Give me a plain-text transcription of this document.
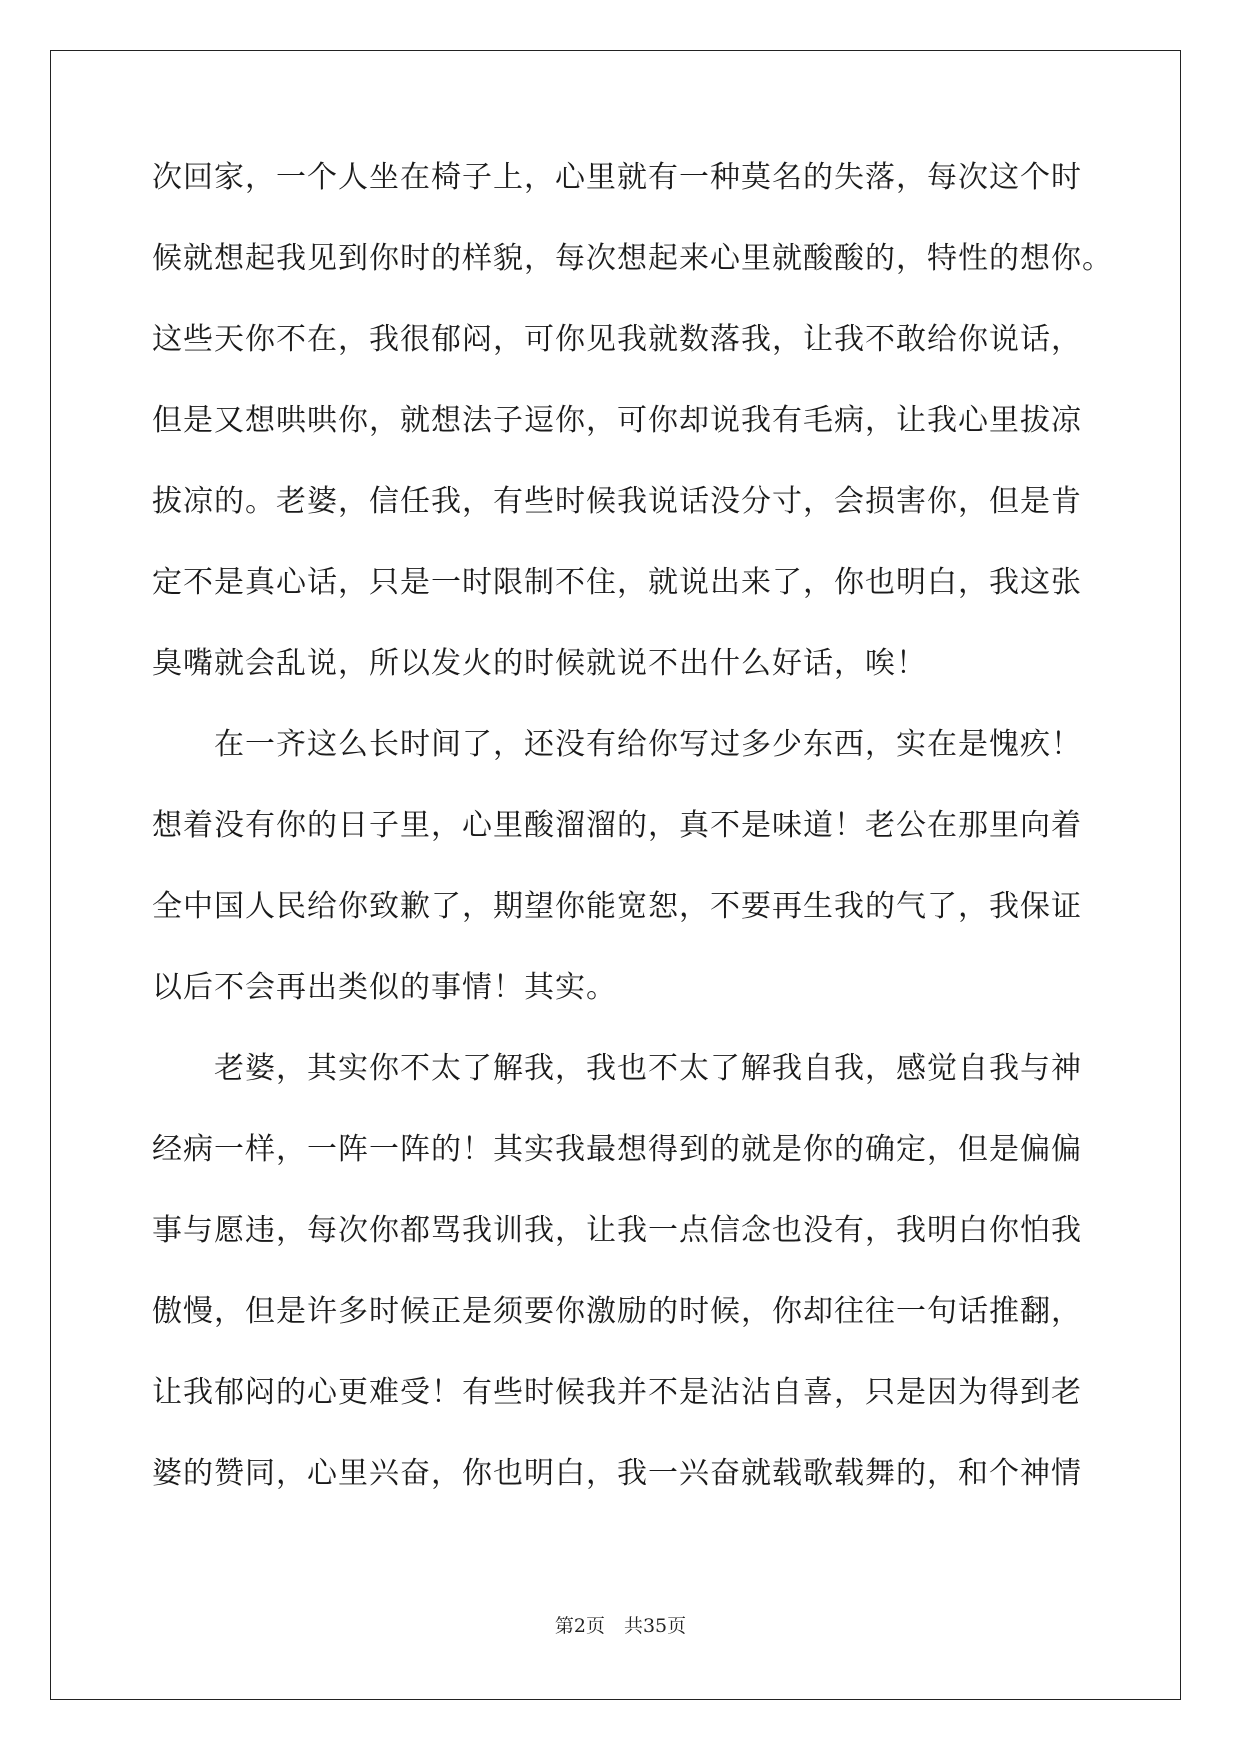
次回家，一个人坐在椅子上，心里就有一种莫名的失落，每次这个时
候就想起我见到你时的样貌，每次想起来心里就酸酸的，特性的想你。
这些天你不在，我很郁闷，可你见我就数落我，让我不敢给你说话，
但是又想哄哄你，就想法子逗你，可你却说我有毛病，让我心里拔凉
拔凉的。老婆，信任我，有些时候我说话没分寸，会损害你，但是肯
定不是真心话，只是一时限制不住，就说出来了，你也明白，我这张
臭嘴就会乱说，所以发火的时候就说不出什么好话，唉！
在一齐这么长时间了，还没有给你写过多少东西，实在是愧疚！
想着没有你的日子里，心里酸溜溜的，真不是味道！老公在那里向着
全中国人民给你致歉了，期望你能宽恕，不要再生我的气了，我保证
以后不会再出类似的事情！其实。
老婆，其实你不太了解我，我也不太了解我自我，感觉自我与神
经病一样，一阵一阵的！其实我最想得到的就是你的确定，但是偏偏
事与愿违，每次你都骂我训我，让我一点信念也没有，我明白你怕我
傲慢，但是许多时候正是须要你激励的时候，你却往往一句话推翻，
让我郁闷的心更难受！有些时候我并不是沾沾自喜，只是因为得到老
婆的赞同，心里兴奋，你也明白，我一兴奋就载歌载舞的，和个神情
第2页　共35页
